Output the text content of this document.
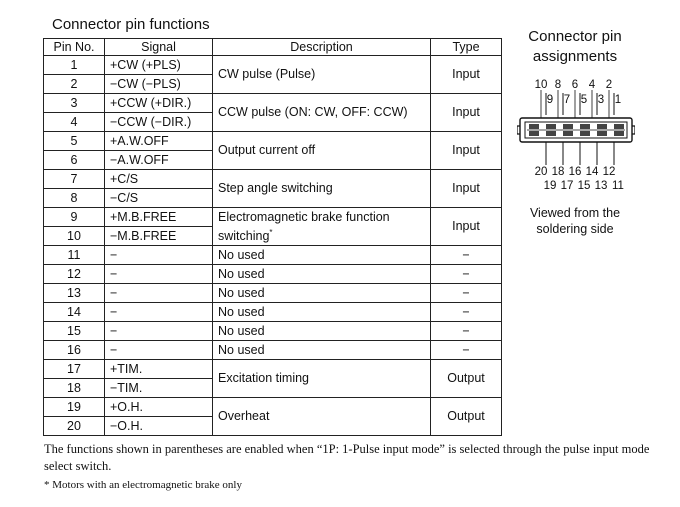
Connector pin functions
Pin No.	Signal	Description	Type
1	+CW (+PLS)	CW pulse (Pulse)	Input
2	−CW (−PLS)		
3	+CCW (+DIR.)	CCW pulse (ON: CW, OFF: CCW)	Input
4	−CCW (−DIR.)		
5	+A.W.OFF	Output current off	Input
6	−A.W.OFF		
7	+C/S	Step angle switching	Input
8	−C/S		
9	+M.B.FREE	Electromagnetic brake function switching*	Input
10	−M.B.FREE		
11	−	No used	−
12	−	No used	−
13	−	No used	−
14	−	No used	−
15	−	No used	−
16	−	No used	−
17	+TIM.	Excitation timing	Output
18	−TIM.		
19	+O.H.	Overheat	Output
20	−O.H.		
The functions shown in parentheses are enabled when “1P: 1-Pulse input mode” is selected through the pulse input mode select switch.
* Motors with an electromagnetic brake only
Connector pin assignments
10 8 6 4 2
9 7 5 3 1
20 18 16 14 12
19 17 15 13 11
Viewed from the soldering side
